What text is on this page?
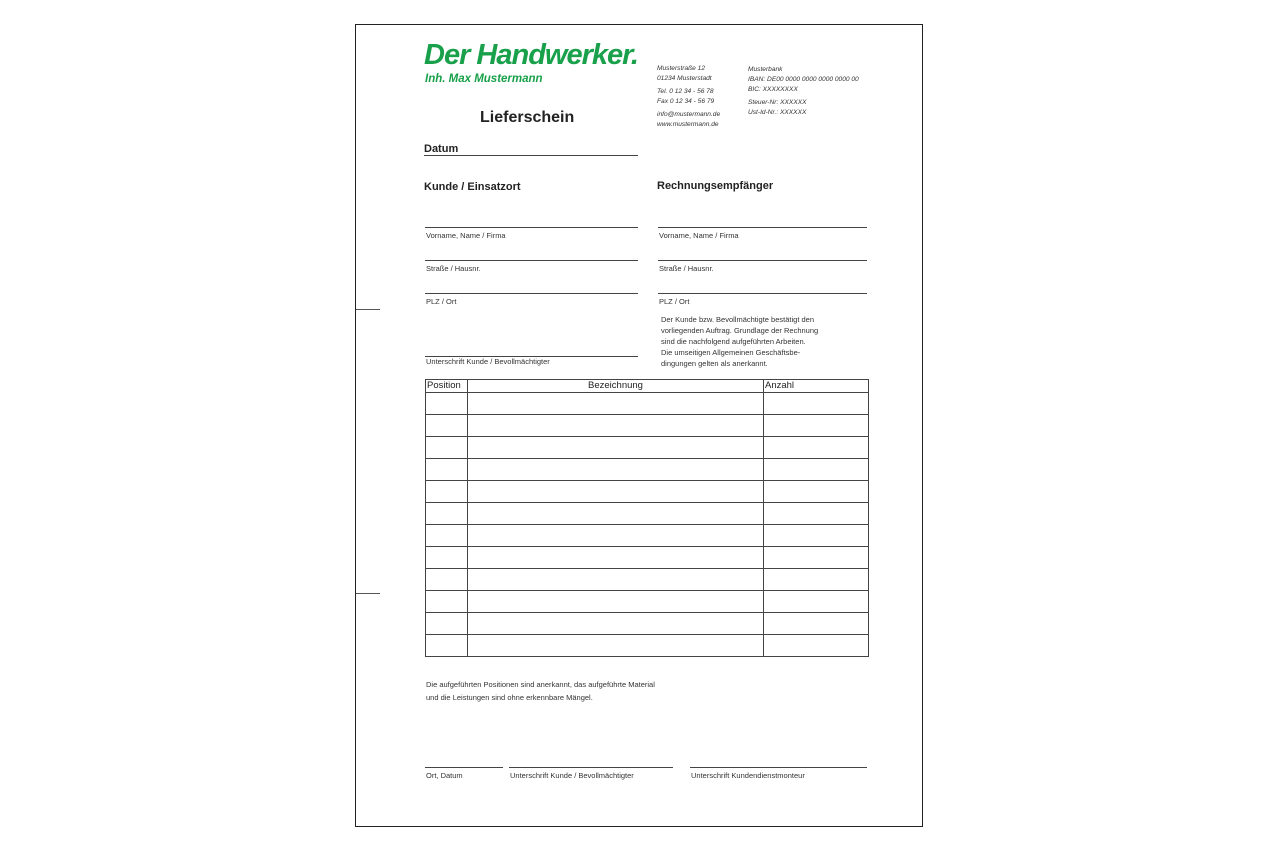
Der Handwerker.
Inh. Max Mustermann
Musterstraße 12
01234 Musterstadt
Tel. 0 12 34 - 56 78
Fax 0 12 34 - 56 79
info@mustermann.de
www.mustermann.de
Musterbank
IBAN: DE00 0000 0000 0000 0000 00
BIC: XXXXXXXX
Steuer-Nr: XXXXXX
Ust-Id-Nr.: XXXXXX
Lieferschein
Datum
Kunde / Einsatzort
Vorname, Name / Firma
Straße / Hausnr.
PLZ / Ort
Unterschrift Kunde / Bevollmächtigter
Rechnungsempfänger
Vorname, Name / Firma
Straße / Hausnr.
PLZ / Ort
Der Kunde bzw. Bevollmächtigte bestätigt den
vorliegenden Auftrag. Grundlage der Rechnung
sind die nachfolgend aufgeführten Arbeiten.
Die umseitigen Allgemeinen Geschäftsbe-
dingungen gelten als anerkannt.
Position	Bezeichnung	Anzahl

Die aufgeführten Positionen sind anerkannt, das aufgeführte Material
und die Leistungen sind ohne erkennbare Mängel.
Ort, Datum	Unterschrift Kunde / Bevollmächtigter	Unterschrift Kundendienstmonteur
